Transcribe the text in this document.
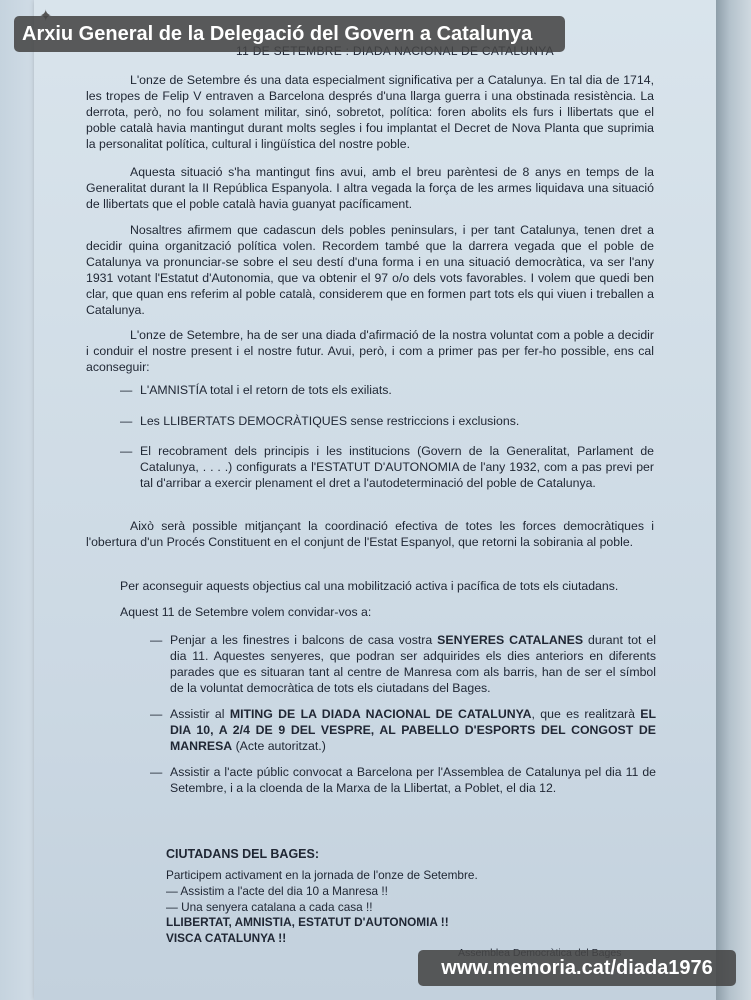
L'onze de Setembre és una data especialment significativa per a Catalunya. En tal dia de 1714, les tropes de Felip V entraven a Barcelona després d'una llarga guerra i una obstinada resistència. La derrota, però, no fou solament militar, sinó, sobretot, política: foren abolits els furs i llibertats que el poble català havia mantingut durant molts segles i fou implantat el Decret de Nova Planta que suprimia la personalitat política, cultural i lingüística del nostre poble.
Aquesta situació s'ha mantingut fins avui, amb el breu parèntesi de 8 anys en temps de la Generalitat durant la II República Espanyola. I altra vegada la força de les armes liquidava una situació de llibertats que el poble català havia guanyat pacíficament.
Nosaltres afirmem que cadascun dels pobles peninsulars, i per tant Catalunya, tenen dret a decidir quina organització política volen. Recordem també que la darrera vegada que el poble de Catalunya va pronunciar-se sobre el seu destí d'una forma i en una situació democràtica, va ser l'any 1931 votant l'Estatut d'Autonomia, que va obtenir el 97 o/o dels vots favorables. I volem que quedi ben clar, que quan ens referim al poble català, considerem que en formen part tots els qui viuen i treballen a Catalunya.
L'onze de Setembre, ha de ser una diada d'afirmació de la nostra voluntat com a poble a decidir i conduir el nostre present i el nostre futur. Avui, però, i com a primer pas per fer-ho possible, ens cal aconseguir:
— L'AMNISTÍA total i el retorn de tots els exiliats.
— Les LLIBERTATS DEMOCRÀTIQUES sense restriccions i exclusions.
— El recobrament dels principis i les institucions (Govern de la Generalitat, Parlament de Catalunya, . . . .) configurats a l'ESTATUT D'AUTONOMIA de l'any 1932, com a pas previ per tal d'arribar a exercir plenament el dret a l'autodeterminació del poble de Catalunya.
Això serà possible mitjançant la coordinació efectiva de totes les forces democràtiques i l'obertura d'un Procés Constituent en el conjunt de l'Estat Espanyol, que retorni la sobirania al poble.
Per aconseguir aquests objectius cal una mobilització activa i pacífica de tots els ciutadans.
Aquest 11 de Setembre volem convidar-vos a:
— Penjar a les finestres i balcons de casa vostra SENYERES CATALANES durant tot el dia 11. Aquestes senyeres, que podran ser adquirides els dies anteriors en diferents parades que es situaran tant al centre de Manresa com als barris, han de ser el símbol de la voluntat democràtica de tots els ciutadans del Bages.
— Assistir al MITING DE LA DIADA NACIONAL DE CATALUNYA, que es realitzarà EL DIA 10, A 2/4 DE 9 DEL VESPRE, AL PABELLO D'ESPORTS DEL CONGOST DE MANRESA (Acte autoritzat.)
— Assistir a l'acte públic convocat a Barcelona per l'Assemblea de Catalunya pel dia 11 de Setembre, i a la cloenda de la Marxa de la Llibertat, a Poblet, el dia 12.
CIUTADANS DEL BAGES:
Participem activament en la jornada de l'onze de Setembre.
— Assistim a l'acte del dia 10 a Manresa !!
— Una senyera catalana a cada casa !!
LLIBERTAT, AMNISTIA, ESTATUT D'AUTONOMIA !!
VISCA CATALUNYA !!
Arxiu General de la Delegació del Govern a Catalunya
www.memoria.cat/diada1976
